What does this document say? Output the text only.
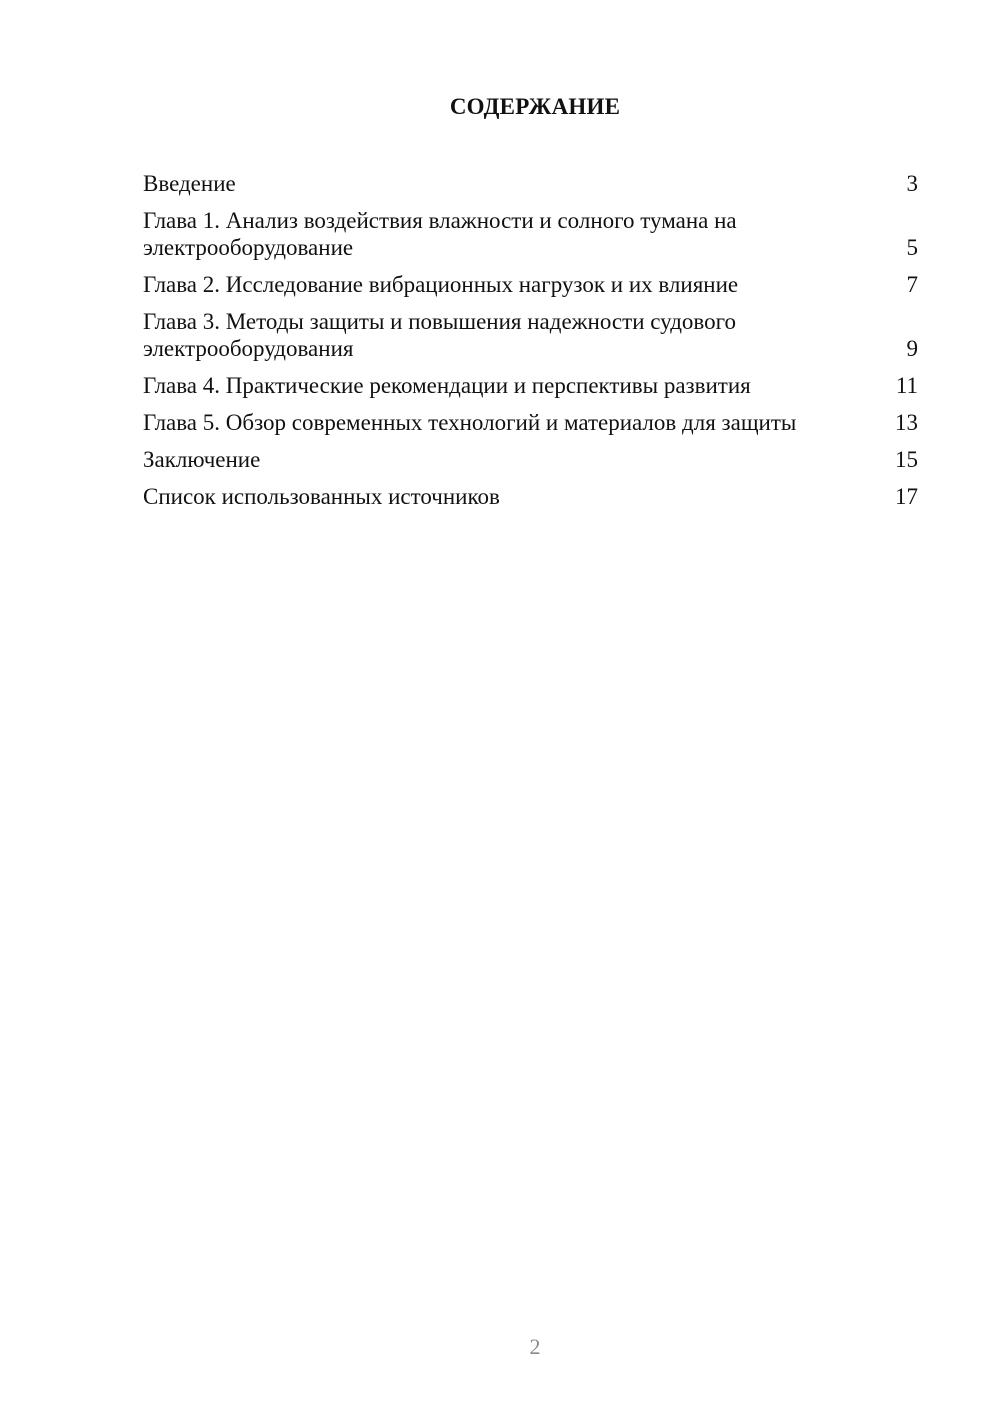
СОДЕРЖАНИЕ
Введение	3
Глава 1. Анализ воздействия влажности и солного тумана на электрооборудование	5
Глава 2. Исследование вибрационных нагрузок и их влияние	7
Глава 3. Методы защиты и повышения надежности судового электрооборудования	9
Глава 4. Практические рекомендации и перспективы развития	11
Глава 5. Обзор современных технологий и материалов для защиты	13
Заключение	15
Список использованных источников	17
2
